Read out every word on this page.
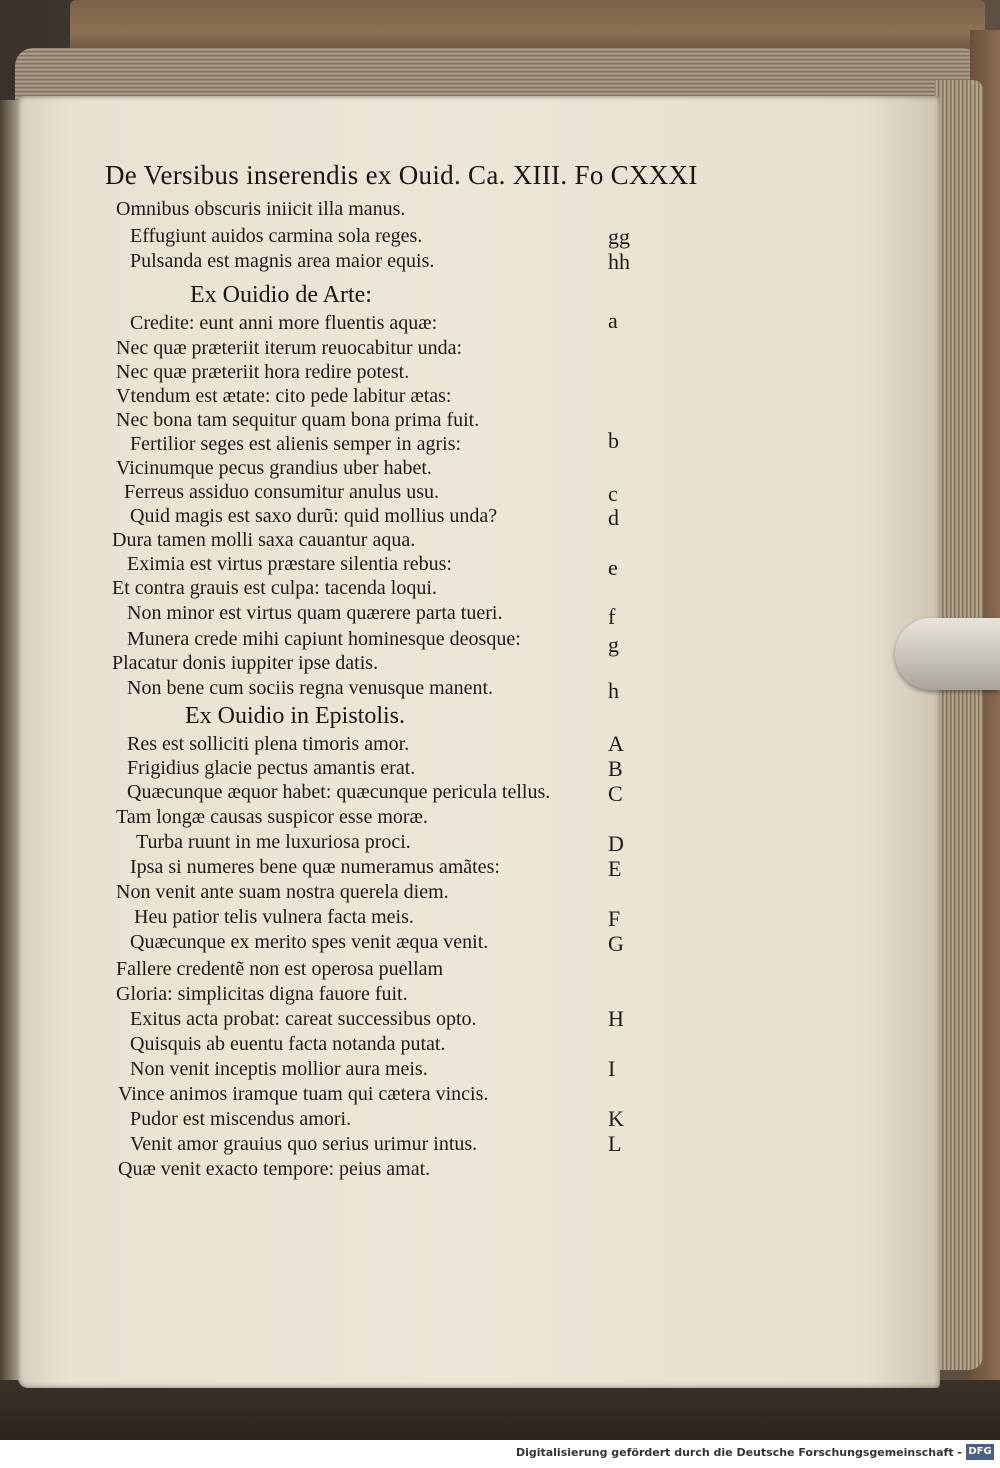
De Versibus inserendis ex Ouid. Ca. XIII. Fo CXXXI
Omnibus obscuris iniicit illa manus.
Effugiunt auidos carmina sola reges.
Pulsanda est magnis area maior equis.
gg
hh
Ex Ouidio de Arte:
Credite: eunt anni more fluentis aquæ:
Nec quæ præteriit iterum reuocabitur unda:
Nec quæ præteriit hora redire potest.
Vtendum est ætate: cito pede labitur ætas:
Nec bona tam sequitur quam bona prima fuit.
Fertilior seges est alienis semper in agris:
Vicinumque pecus grandius uber habet.
Ferreus assiduo consumitur anulus usu.
Quid magis est saxo durũ: quid mollius unda?
Dura tamen molli saxa cauantur aqua.
Eximia est virtus præstare silentia rebus:
Et contra grauis est culpa: tacenda loqui.
Non minor est virtus quam quærere parta tueri.
Munera crede mihi capiunt hominesque deosque:
Placatur donis iuppiter ipse datis.
Non bene cum sociis regna venusque manent.
a
b
c
d
e
f
g
h
Ex Ouidio in Epistolis.
Res est solliciti plena timoris amor.
Frigidius glacie pectus amantis erat.
Quæcunque æquor habet: quæcunque pericula tellus.
Tam longæ causas suspicor esse moræ.
Turba ruunt in me luxuriosa proci.
Ipsa si numeres bene quæ numeramus amãtes:
Non venit ante suam nostra querela diem.
Heu patior telis vulnera facta meis.
Quæcunque ex merito spes venit æqua venit.
Fallere credentẽ non est operosa puellam
Gloria: simplicitas digna fauore fuit.
Exitus acta probat: careat successibus opto.
Quisquis ab euentu facta notanda putat.
Non venit inceptis mollior aura meis.
Vince animos iramque tuam qui cætera vincis.
Pudor est miscendus amori.
Venit amor grauius quo serius urimur intus.
Quæ venit exacto tempore: peius amat.
A
B
C
D
E
F
G
H
I
K
L
Digitalisierung gefördert durch die Deutsche Forschungsgemeinschaft - DFG
